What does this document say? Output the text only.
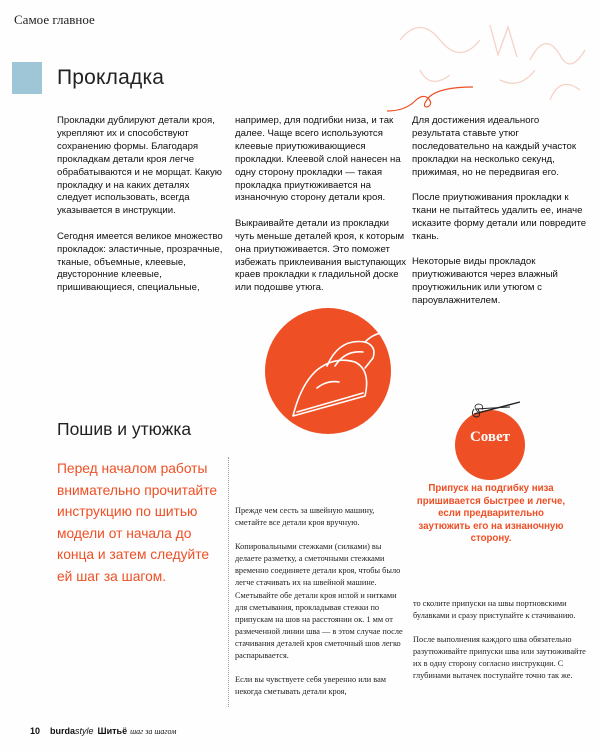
Самое главное
Прокладка

Прокладки дублируют детали кроя, укрепляют их и способствуют сохранению формы. Благодаря прокладкам детали кроя легче обрабатываются и не морщат. Какую прокладку и на каких деталях следует использовать, всегда указывается в инструкции.

Сегодня имеется великое множество прокладок: эластичные, прозрачные, тканые, объемные, клеевые, двусторонние клеевые, пришивающиеся, специальные,

например, для подгибки низа, и так далее. Чаще всего используются клеевые приутюживающиеся прокладки. Клеевой слой нанесен на одну сторону прокладки — такая прокладка приутюживается на изнаночную сторону детали кроя.

Выкраивайте детали из прокладки чуть меньше деталей кроя, к которым она приутюживается. Это поможет избежать приклеивания выступающих краев прокладки к гладильной доске или подошве утюга.

Для достижения идеального результата ставьте утюг последовательно на каждый участок прокладки на несколько секунд, прижимая, но не передвигая его.

После приутюживания прокладки к ткани не пытайтесь удалить ее, иначе исказите форму детали или повредите ткань.

Некоторые виды прокладок приутюживаются через влажный проутюжильник или утюгом с пароувлажнителем.

Пошив и утюжка
Перед началом работы внимательно прочитайте инструкцию по шитью модели от начала до конца и затем следуйте ей шаг за шагом.
Совет
Припуск на подгибку низа пришивается быстрее и легче, если предварительно заутюжить его на изнаночную сторону.

Прежде чем сесть за швейную машину, сметайте все детали кроя вручную.

Копировальными стежками (силками) вы делаете разметку, а сметочными стежками временно соединяете детали кроя, чтобы было легче стачивать их на швейной машине. Сметывайте обе детали кроя иглой и нитками для сметывания, прокладывая стежки по припускам на шов на расстоянии ок. 1 мм от размеченной линии шва — в этом случае после стачивания деталей кроя сметочный шов легко распарывается.

Если вы чувствуете себя уверенно или вам некогда сметывать детали кроя,

то сколите припуски на швы портновскими булавками и сразу приступайте к стачиванию.

После выполнения каждого шва обязательно разутюживайте припуски шва или заутюживайте их в одну сторону согласно инструкции. С глубинами вытачек поступайте точно так же.

10 burdastyle Шитьё шаг за шагом
